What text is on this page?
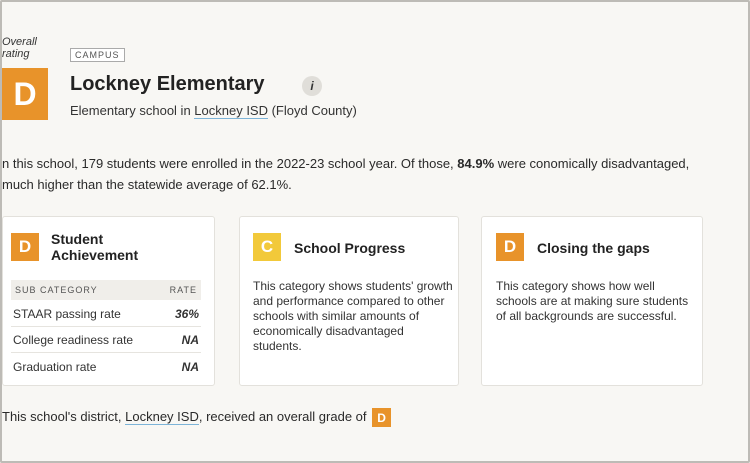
Overall rating
D
CAMPUS
Lockney Elementary	i
Elementary school in Lockney ISD (Floyd County)
n this school, 179 students were enrolled in the 2022-23 school year. Of those, 84.9% were conomically disadvantaged, much higher than the statewide average of 62.1%.
D	Student Achievement
SUB CATEGORY	RATE
STAAR passing rate	36%
College readiness rate	NA
Graduation rate	NA
C	School Progress
This category shows students' growth and performance compared to other schools with similar amounts of economically disadvantaged students.
D	Closing the gaps
This category shows how well schools are at making sure students of all backgrounds are successful.
This school's district, Lockney ISD, received an overall grade of D
